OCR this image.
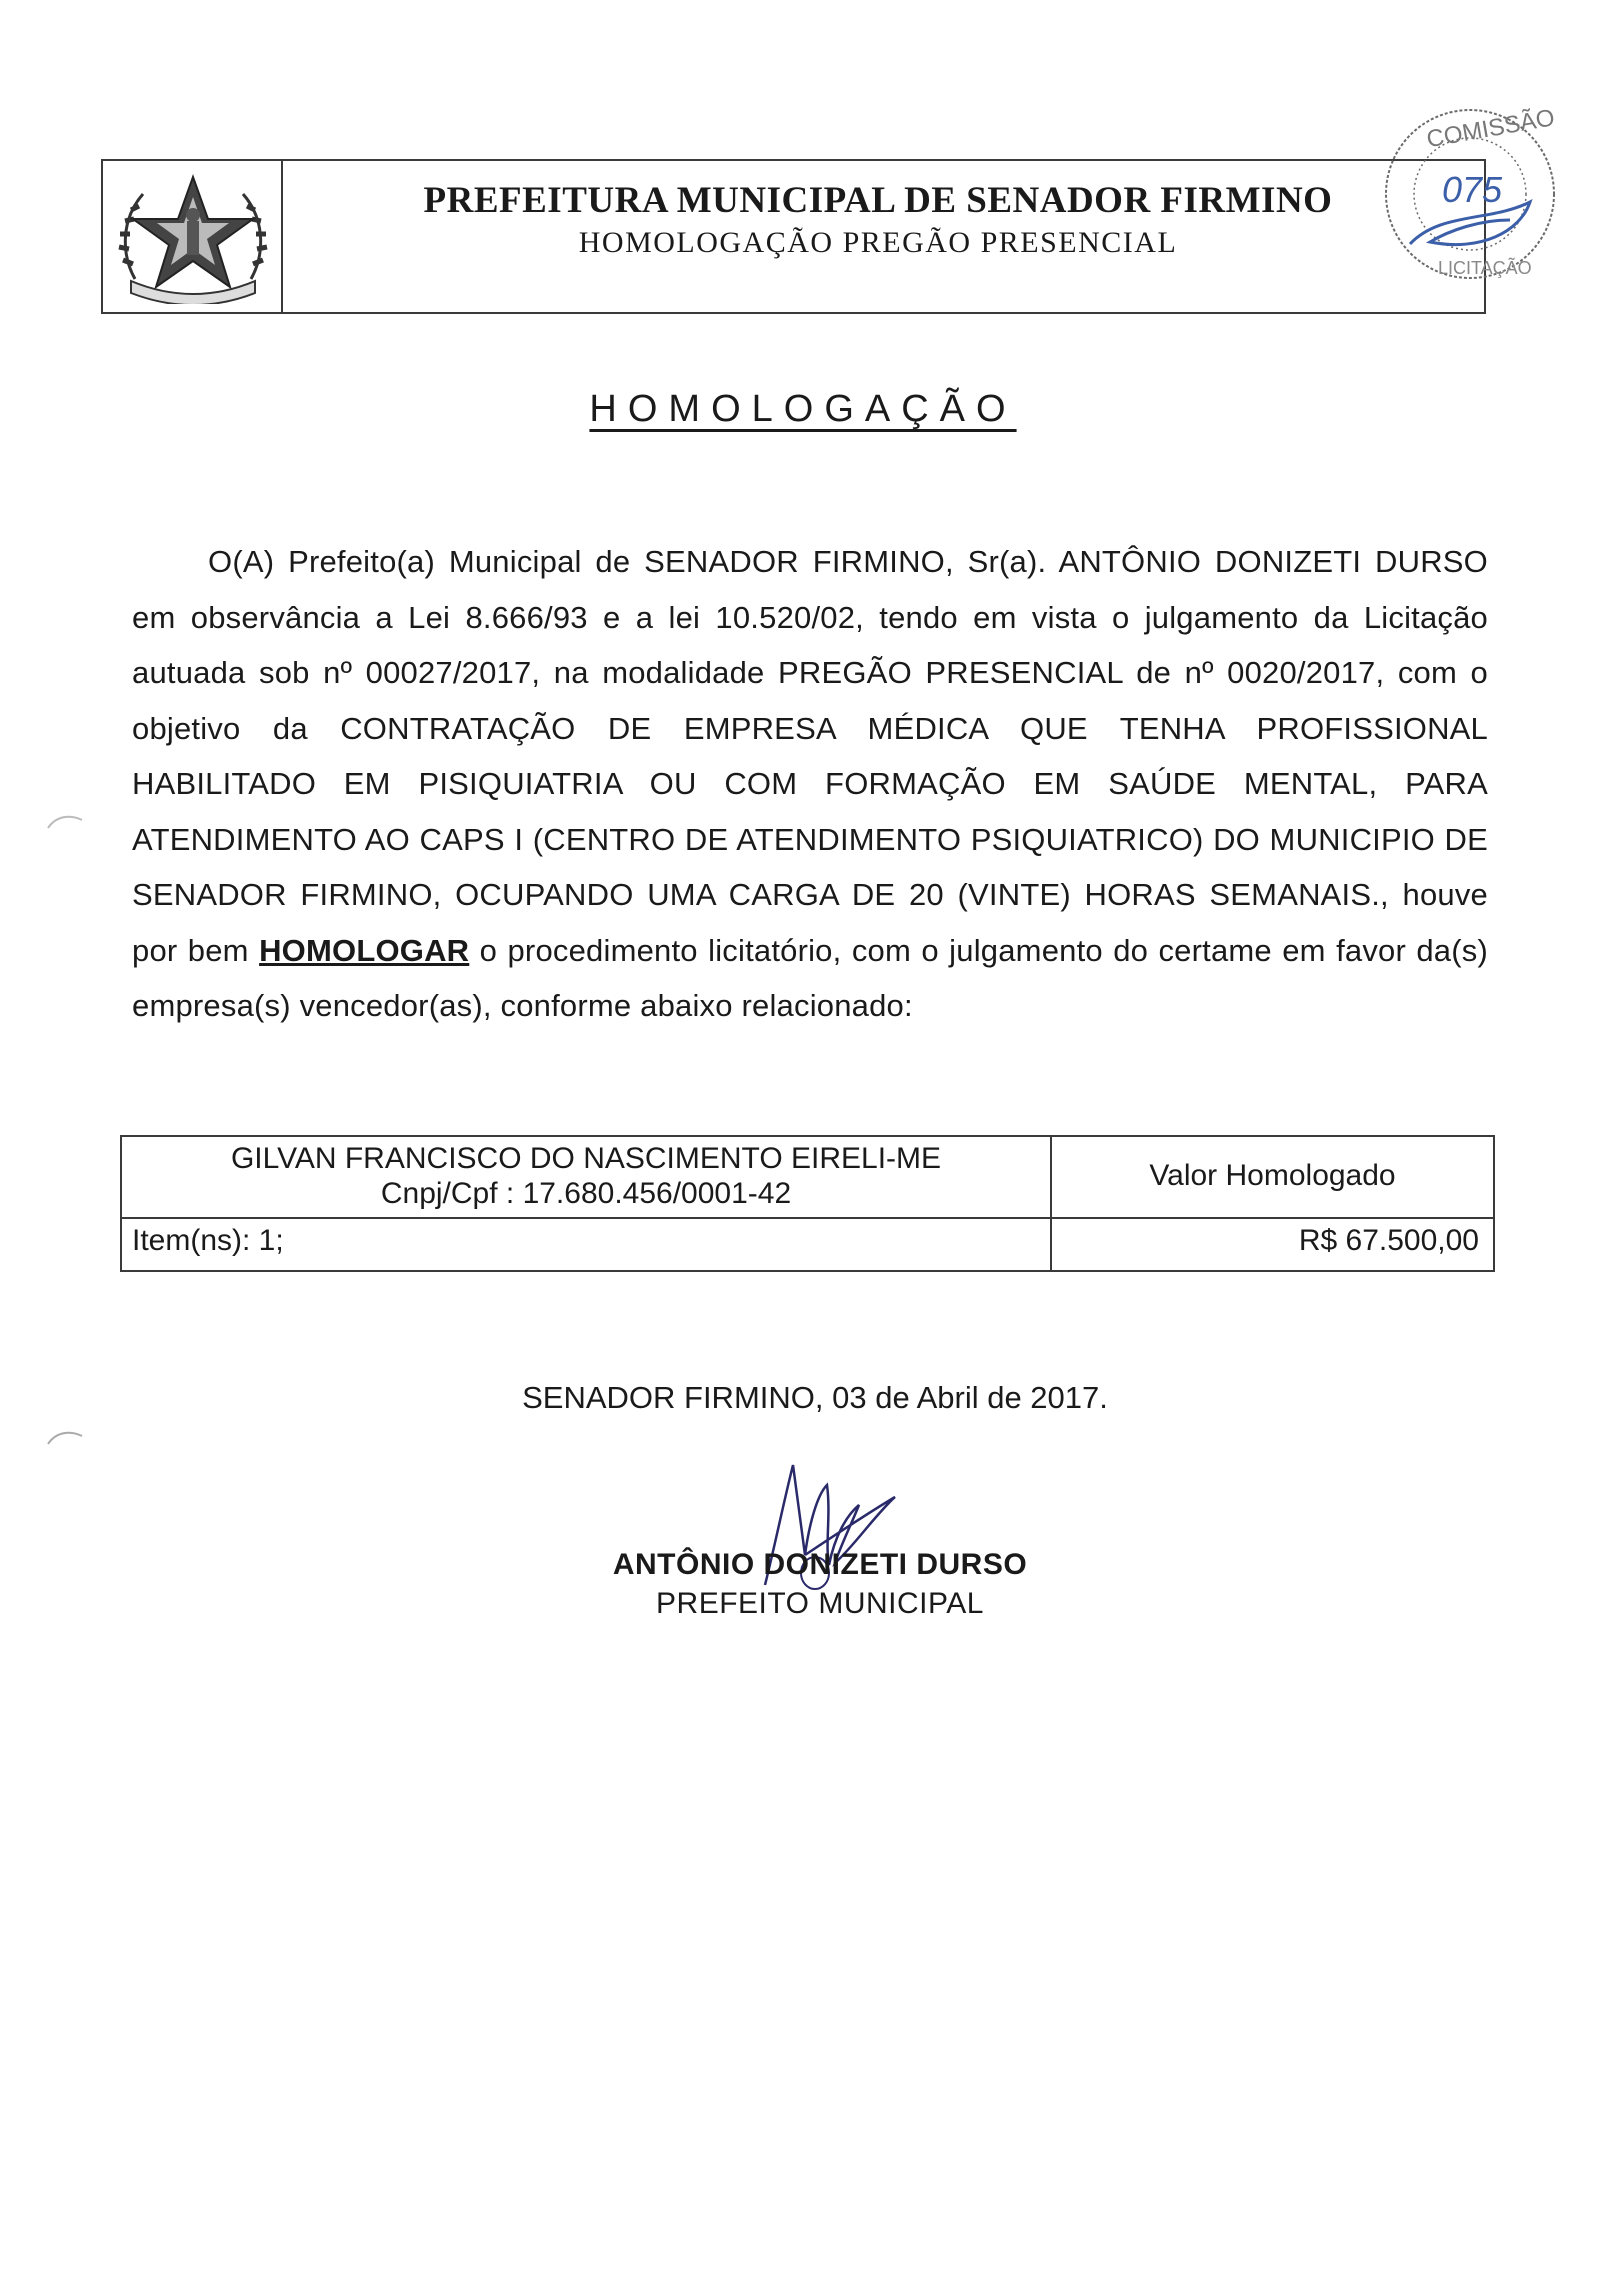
PREFEITURA MUNICIPAL DE SENADOR FIRMINO
HOMOLOGAÇÃO PREGÃO PRESENCIAL
COMISSÃO
LICITAÇÃO
075
HOMOLOGAÇÃO
O(A) Prefeito(a) Municipal de SENADOR FIRMINO, Sr(a). ANTÔNIO DONIZETI DURSO em observância a Lei 8.666/93 e a lei 10.520/02, tendo em vista o julgamento da Licitação autuada sob nº 00027/2017, na modalidade PREGÃO PRESENCIAL de nº 0020/2017, com o objetivo da CONTRATAÇÃO DE EMPRESA MÉDICA QUE TENHA PROFISSIONAL HABILITADO EM PISIQUIATRIA OU COM FORMAÇÃO EM SAÚDE MENTAL, PARA ATENDIMENTO AO CAPS I (CENTRO DE ATENDIMENTO PSIQUIATRICO) DO MUNICIPIO DE SENADOR FIRMINO, OCUPANDO UMA CARGA DE 20 (VINTE) HORAS SEMANAIS., houve por bem HOMOLOGAR o procedimento licitatório, com o julgamento do certame em favor da(s) empresa(s) vencedor(as), conforme abaixo relacionado:
GILVAN FRANCISCO DO NASCIMENTO EIRELI-ME
Cnpj/Cpf : 17.680.456/0001-42
Valor Homologado
Item(ns): 1;	R$ 67.500,00
SENADOR FIRMINO, 03 de Abril de 2017.
ANTÔNIO DONIZETI DURSO
PREFEITO MUNICIPAL
